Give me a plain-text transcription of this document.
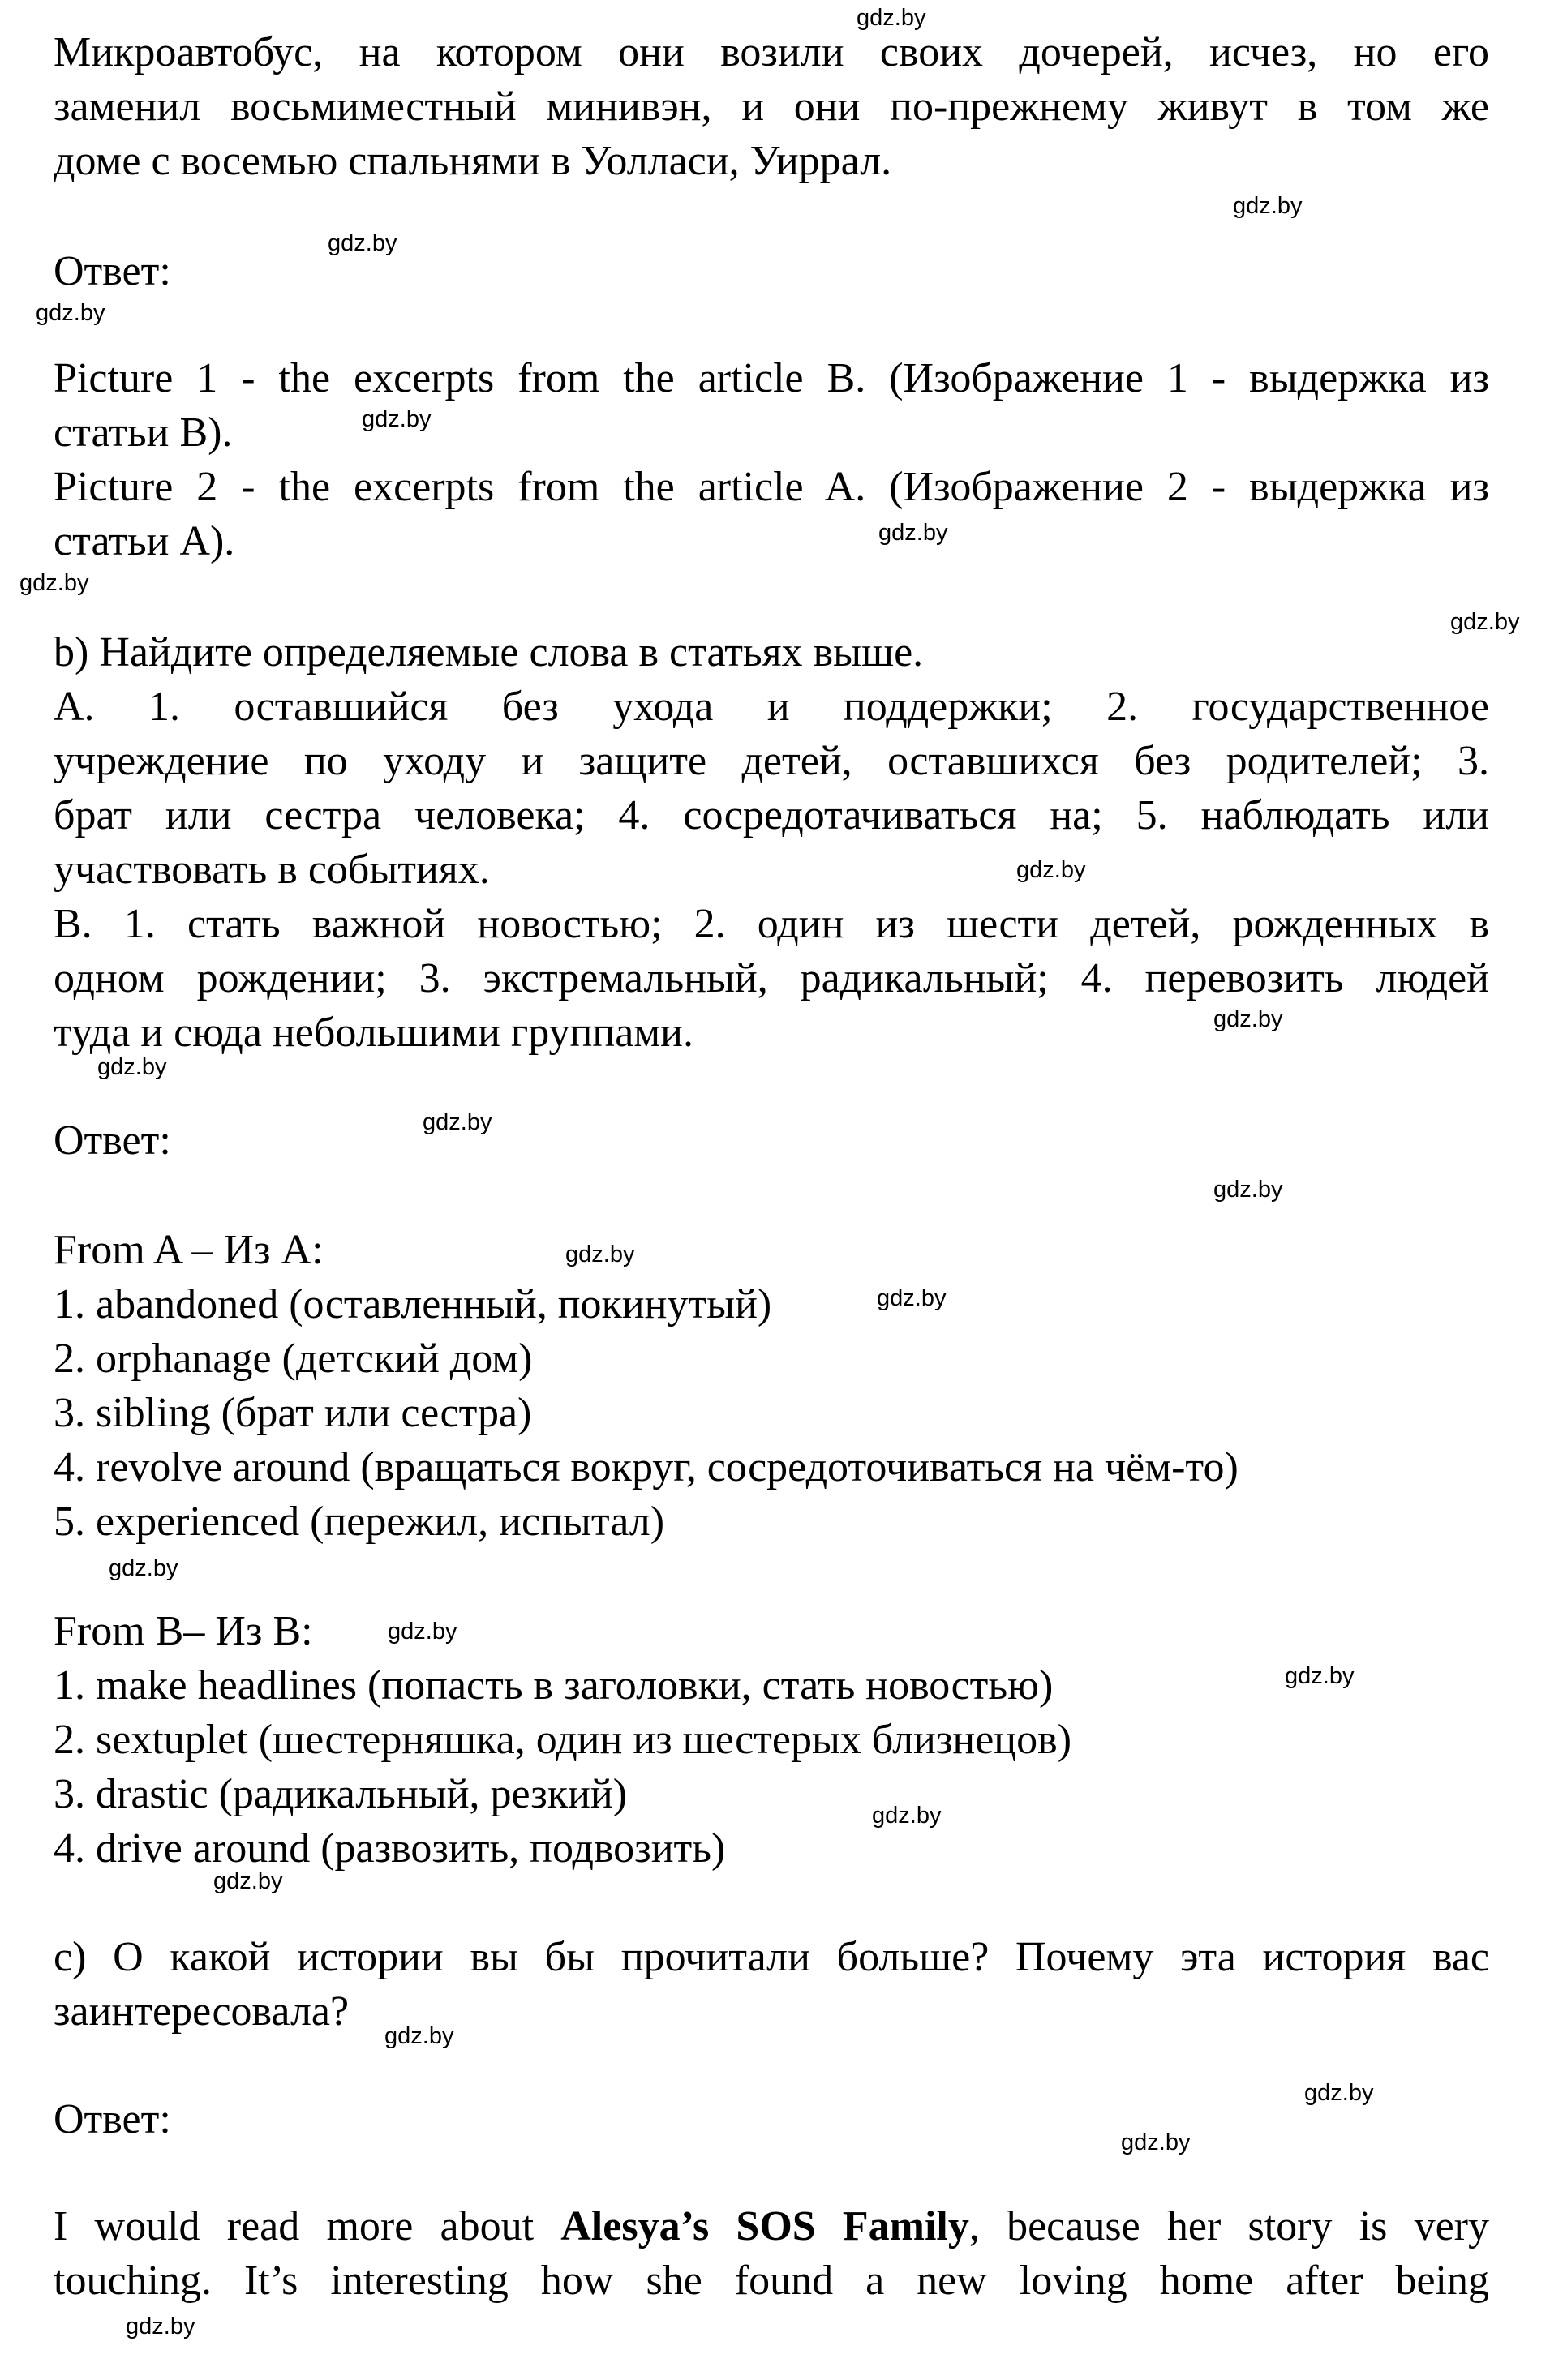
Микроавтобус, на котором они возили своих дочерей, исчез, но его
заменил восьмиместный минивэн, и они по-прежнему живут в том же
доме с восемью спальнями в Уолласи, Уиррал.
Ответ:
Picture 1 - the excerpts from the article B. (Изображение 1 - выдержка из
статьи B).
Picture 2 - the excerpts from the article A. (Изображение 2 - выдержка из
статьи А).
b) Найдите определяемые слова в статьях выше.
A. 1. оставшийся без ухода и поддержки; 2. государственное
учреждение по уходу и защите детей, оставшихся без родителей; 3.
брат или сестра человека; 4. сосредотачиваться на; 5. наблюдать или
участвовать в событиях.
B. 1. стать важной новостью; 2. один из шести детей, рожденных в
одном рождении; 3. экстремальный, радикальный; 4. перевозить людей
туда и сюда небольшими группами.
Ответ:
From A – Из А:
1. abandoned (оставленный, покинутый)
2. orphanage (детский дом)
3. sibling (брат или сестра)
4. revolve around (вращаться вокруг, сосредоточиваться на чём-то)
5. experienced (пережил, испытал)
From B– Из B:
1. make headlines (попасть в заголовки, стать новостью)
2. sextuplet (шестерняшка, один из шестерых близнецов)
3. drastic (радикальный, резкий)
4. drive around (развозить, подвозить)
c) О какой истории вы бы прочитали больше? Почему эта история вас
заинтересовала?
Ответ:
I would read more about Alesya’s SOS Family, because her story is very
touching. It’s interesting how she found a new loving home after being
gdz.by
gdz.by
gdz.by
gdz.by
gdz.by
gdz.by
gdz.by
gdz.by
gdz.by
gdz.by
gdz.by
gdz.by
gdz.by
gdz.by
gdz.by
gdz.by
gdz.by
gdz.by
gdz.by
gdz.by
gdz.by
gdz.by
gdz.by
gdz.by
